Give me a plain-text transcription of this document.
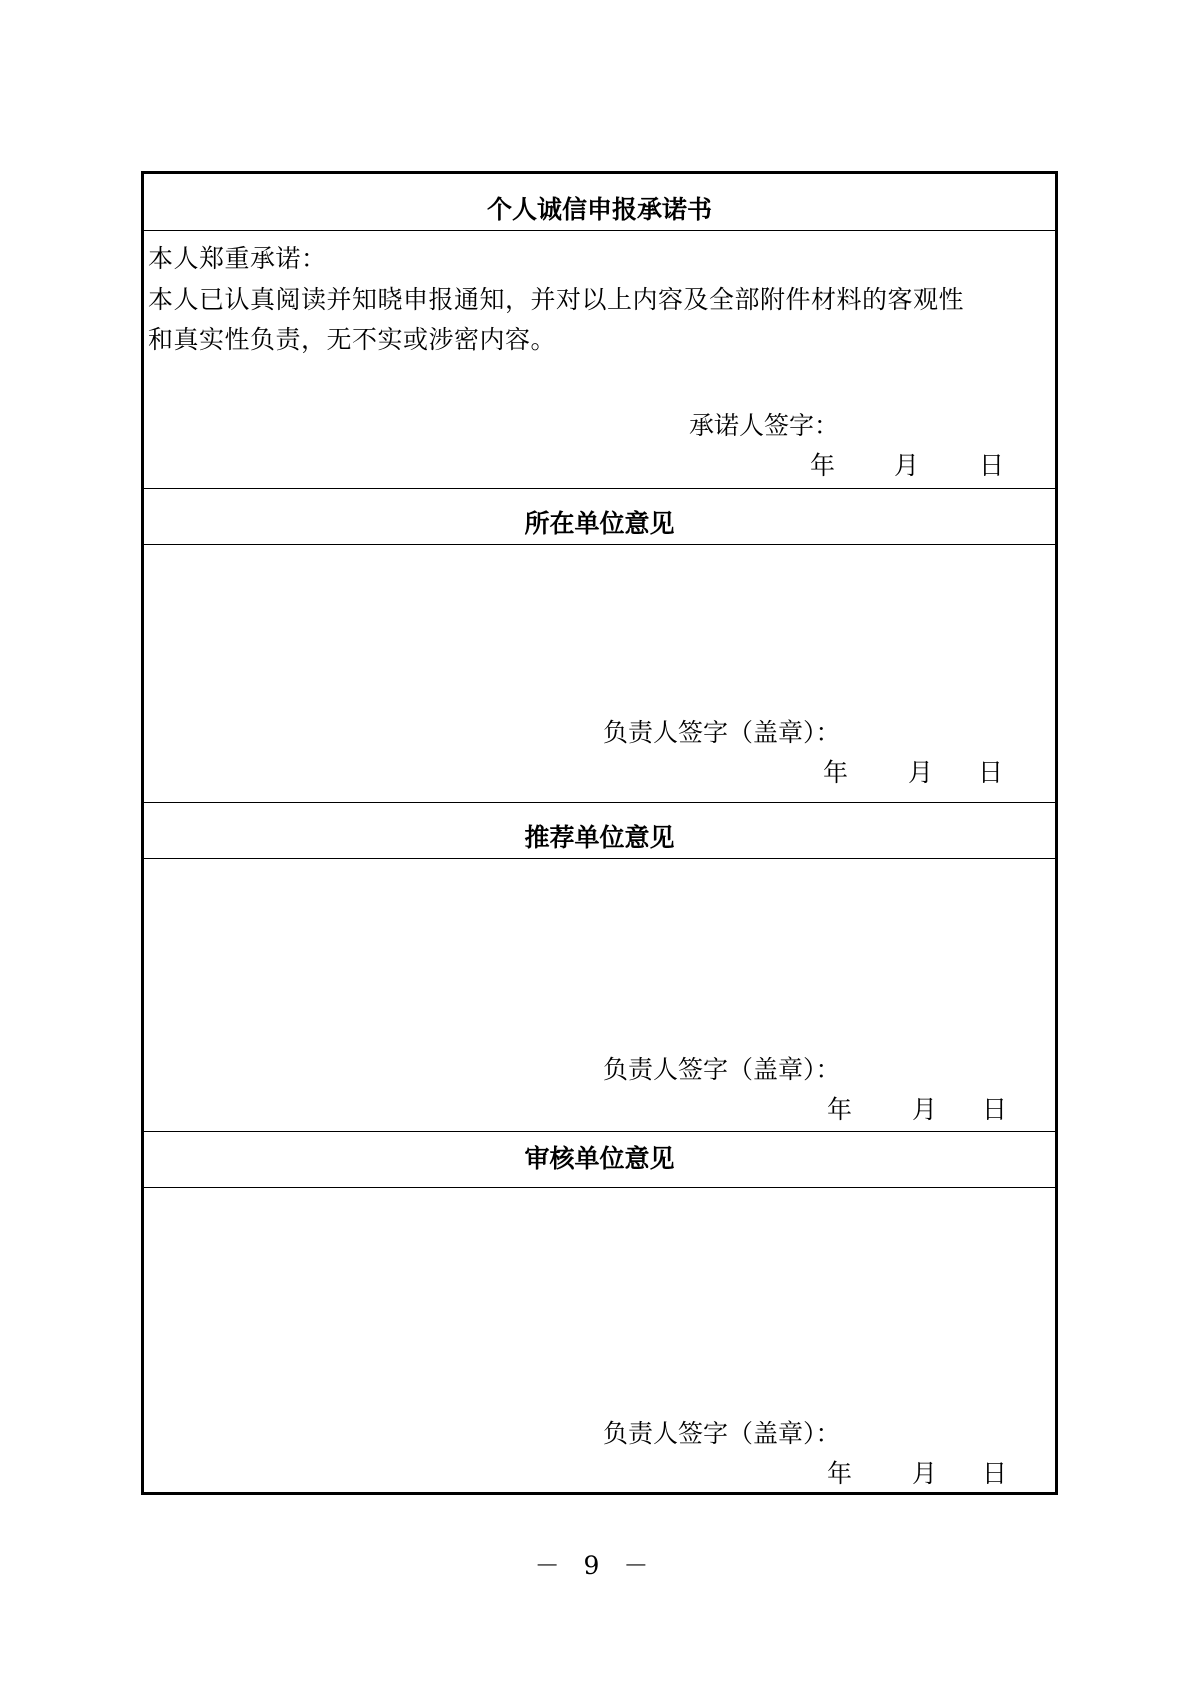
个人诚信申报承诺书
本人郑重承诺：
本人已认真阅读并知晓申报通知，并对以上内容及全部附件材料的客观性
和真实性负责，无不实或涉密内容。
承诺人签字：
年 月 日
所在单位意见
负责人签字（盖章）：
年 月 日
推荐单位意见
负责人签字（盖章）：
年 月 日
审核单位意见
负责人签字（盖章）：
年 月 日
－ 9 －
